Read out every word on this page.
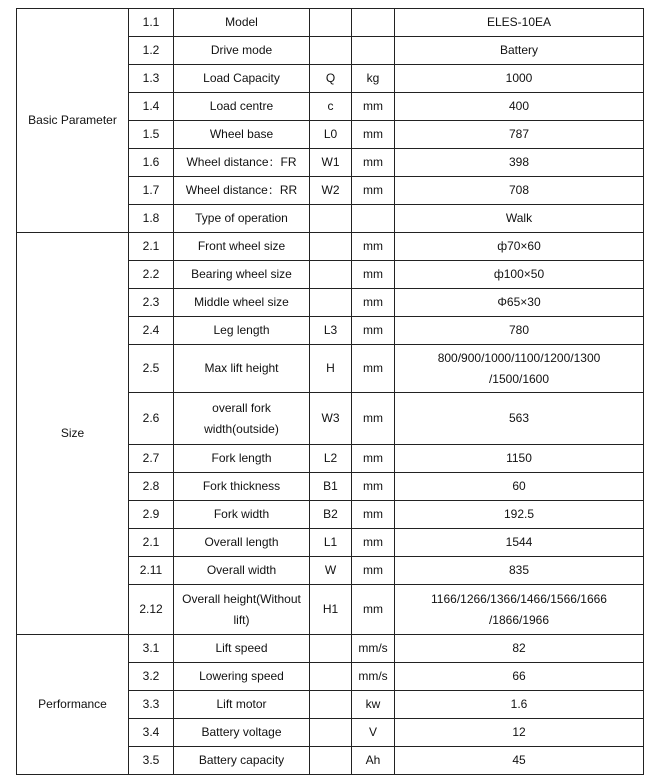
Basic Parameter	1.1	Model			ELES-10EA
	1.2	Drive mode			Battery
	1.3	Load Capacity	Q	kg	1000
	1.4	Load centre	c	mm	400
	1.5	Wheel base	L0	mm	787
	1.6	Wheel distance：FR	W1	mm	398
	1.7	Wheel distance：RR	W2	mm	708
	1.8	Type of operation			Walk
Size	2.1	Front wheel size		mm	ф70×60
	2.2	Bearing wheel size		mm	ф100×50
	2.3	Middle wheel size		mm	Φ65×30
	2.4	Leg length	L3	mm	780
	2.5	Max lift height	H	mm	800/900/1000/1100/1200/1300
/1500/1600
	2.6	overall fork
width(outside)	W3	mm	563
	2.7	Fork length	L2	mm	1150
	2.8	Fork thickness	B1	mm	60
	2.9	Fork width	B2	mm	192.5
	2.1	Overall length	L1	mm	1544
	2.11	Overall width	W	mm	835
	2.12	Overall height(Without
lift)	H1	mm	1166/1266/1366/1466/1566/1666
/1866/1966
Performance	3.1	Lift speed		mm/s	82
	3.2	Lowering speed		mm/s	66
	3.3	Lift motor		kw	1.6
	3.4	Battery voltage		V	12
	3.5	Battery capacity		Ah	45
